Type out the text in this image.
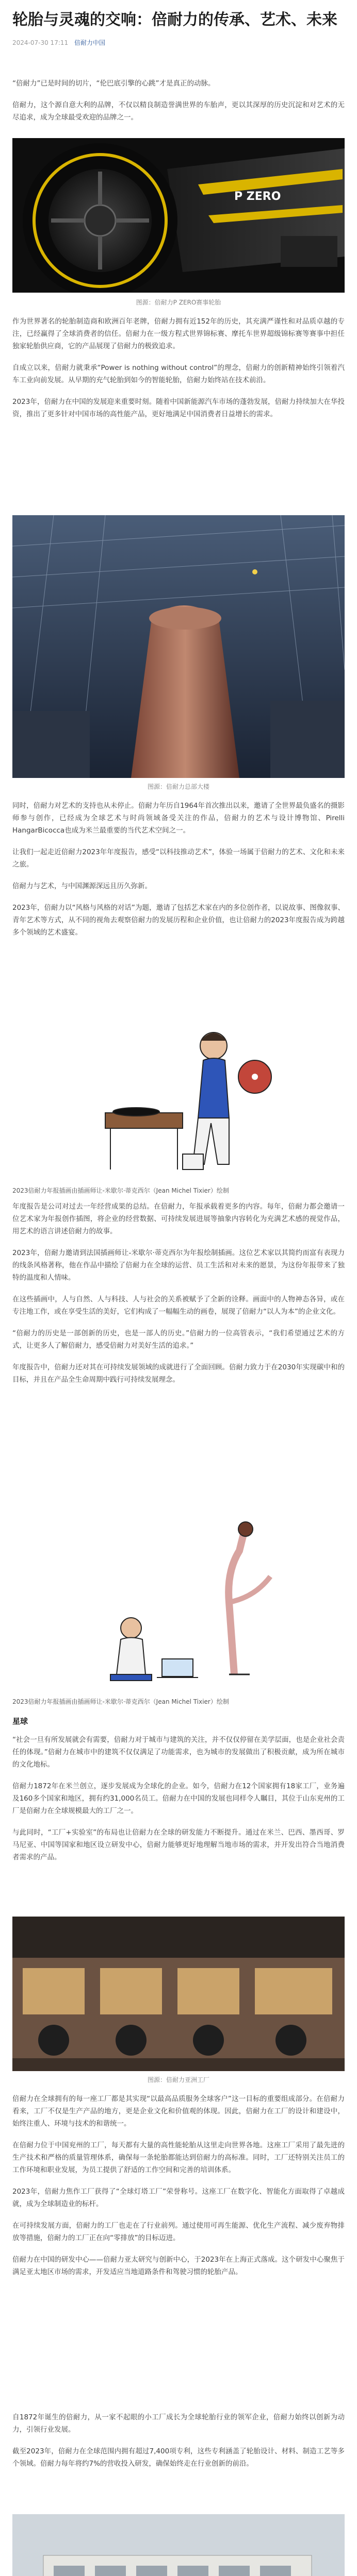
轮胎与灵魂的交响：倍耐力的传承、艺术、未来
2024-07-30 17:11 倍耐力中国

“倍耐力”已是时间的切片，“伦巴底引擎的心跳”才是真正的动脉。

倍耐力，这个源自意大利的品牌，不仅以精良制造誉满世界的车胎声，更以其深厚的历史沉淀和对艺术的无尽追求，成为全球最受欢迎的品牌之一。

P ZERO
图源：倍耐力P ZERO赛事轮胎

作为世界著名的轮胎制造商和欧洲百年老牌，倍耐力拥有近152年的历史，其充满严谨性和对品质卓越的专注，已经赢得了全球消费者的信任。倍耐力在一级方程式世界锦标赛、摩托车世界超级锦标赛等赛事中担任独家轮胎供应商，它的产品展现了倍耐力的极致追求。

自成立以来，倍耐力就秉承“Power is nothing without control”的理念，倍耐力的创新精神始终引领着汽车工业向前发展。从早期的充气轮胎到如今的智能轮胎，倍耐力始终站在技术前沿。

2023年，倍耐力在中国的发展迎来重要时刻。随着中国新能源汽车市场的蓬勃发展，倍耐力持续加大在华投资，推出了更多针对中国市场的高性能产品，更好地满足中国消费者日益增长的需求。

图源：倍耐力总部大楼

同时，倍耐力对艺术的支持也从未停止。倍耐力年历自1964年首次推出以来，邀请了全世界最负盛名的摄影师参与创作，已经成为全球艺术与时尚领域备受关注的作品，倍耐力的艺术与设计博物馆、Pirelli HangarBicocca也成为米兰最重要的当代艺术空间之一。

让我们一起走近倍耐力2023年年度报告，感受“以科技推动艺术”，体验一场属于倍耐力的艺术、文化和未来之旅。

倍耐力与艺术，与中国渊源深远且历久弥新。

2023年，倍耐力以“风格与风格的对话”为题，邀请了包括艺术家在内的多位创作者，以说故事、图像叙事、青年艺术等方式，从不同的视角去观察倍耐力的发展历程和企业价值，也让倍耐力的2023年度报告成为跨越多个领域的艺术盛宴。

2023倍耐力年报插画由插画师让-米歇尔·蒂克西尔（Jean Michel Tixier）绘制

年度报告是公司对过去一年经营成果的总结。在倍耐力，年报承载着更多的内容。每年，倍耐力都会邀请一位艺术家为年报创作插图，将企业的经营数据、可持续发展进展等抽象内容转化为充满艺术感的视觉作品，用艺术的语言讲述倍耐力的故事。

2023年，倍耐力邀请到法国插画师让-米歇尔·蒂克西尔为年报绘制插画。这位艺术家以其简约而富有表现力的线条风格著称，他在作品中描绘了倍耐力在全球的运营、员工生活和对未来的愿景，为这份年报带来了独特的温度和人情味。

在这些插画中，人与自然、人与科技、人与社会的关系被赋予了全新的诠释。画面中的人物神态各异，或在专注地工作，或在享受生活的美好，它们构成了一幅幅生动的画卷，展现了倍耐力“以人为本”的企业文化。

“倍耐力的历史是一部创新的历史，也是一部人的历史。”倍耐力的一位高管表示，“我们希望通过艺术的方式，让更多人了解倍耐力，感受倍耐力对美好生活的追求。”

年度报告中，倍耐力还对其在可持续发展领域的成就进行了全面回顾。倍耐力致力于在2030年实现碳中和的目标，并且在产品全生命周期中践行可持续发展理念。

2023倍耐力年报插画由插画师让-米歇尔·蒂克西尔（Jean Michel Tixier）绘制
星球

“社会一旦有所发展就会有需要，倍耐力对于城市与建筑的关注，并不仅仅停留在美学层面，也是企业社会责任的体现。”倍耐力在城市中的建筑不仅仅满足了功能需求，也为城市的发展做出了积极贡献，成为所在城市的文化地标。

倍耐力1872年在米兰创立，逐步发展成为全球化的企业。如今，倍耐力在12个国家拥有18家工厂，业务遍及160多个国家和地区，拥有约31,000名员工。倍耐力在中国的发展也同样令人瞩目，其位于山东兖州的工厂是倍耐力在全球规模最大的工厂之一。

与此同时，“工厂+实验室”的布局也让倍耐力在全球的研发能力不断提升。通过在米兰、巴西、墨西哥、罗马尼亚、中国等国家和地区设立研发中心，倍耐力能够更好地理解当地市场的需求，并开发出符合当地消费者需求的产品。

图源：倍耐力亚洲工厂

倍耐力在全球拥有的每一座工厂都是其实现“以最高品质服务全球客户”这一目标的重要组成部分。在倍耐力看来，工厂不仅是生产产品的地方，更是企业文化和价值观的体现。因此，倍耐力在工厂的设计和建设中，始终注重人、环境与技术的和谐统一。

在倍耐力位于中国兖州的工厂，每天都有大量的高性能轮胎从这里走向世界各地。这座工厂采用了最先进的生产技术和严格的质量管理体系，确保每一条轮胎都能达到倍耐力的高标准。同时，工厂还特别关注员工的工作环境和职业发展，为员工提供了舒适的工作空间和完善的培训体系。

2023年，倍耐力焦作工厂获得了“全球灯塔工厂”荣誉称号。这座工厂在数字化、智能化方面取得了卓越成就，成为全球制造业的标杆。

在可持续发展方面，倍耐力的工厂也走在了行业前列。通过使用可再生能源、优化生产流程、减少废弃物排放等措施，倍耐力的工厂正在向“零排放”的目标迈进。

倍耐力在中国的研发中心——倍耐力亚太研究与创新中心，于2023年在上海正式落成。这个研发中心聚焦于满足亚太地区市场的需求，开发适应当地道路条件和驾驶习惯的轮胎产品。

自1872年诞生的倍耐力，从一家不起眼的小工厂成长为全球轮胎行业的领军企业，倍耐力始终以创新为动力，引领行业发展。

截至2023年，倍耐力在全球范围内拥有超过7,400项专利，这些专利涵盖了轮胎设计、材料、制造工艺等多个领域。倍耐力每年将约7%的营收投入研发，确保始终走在行业创新的前沿。
